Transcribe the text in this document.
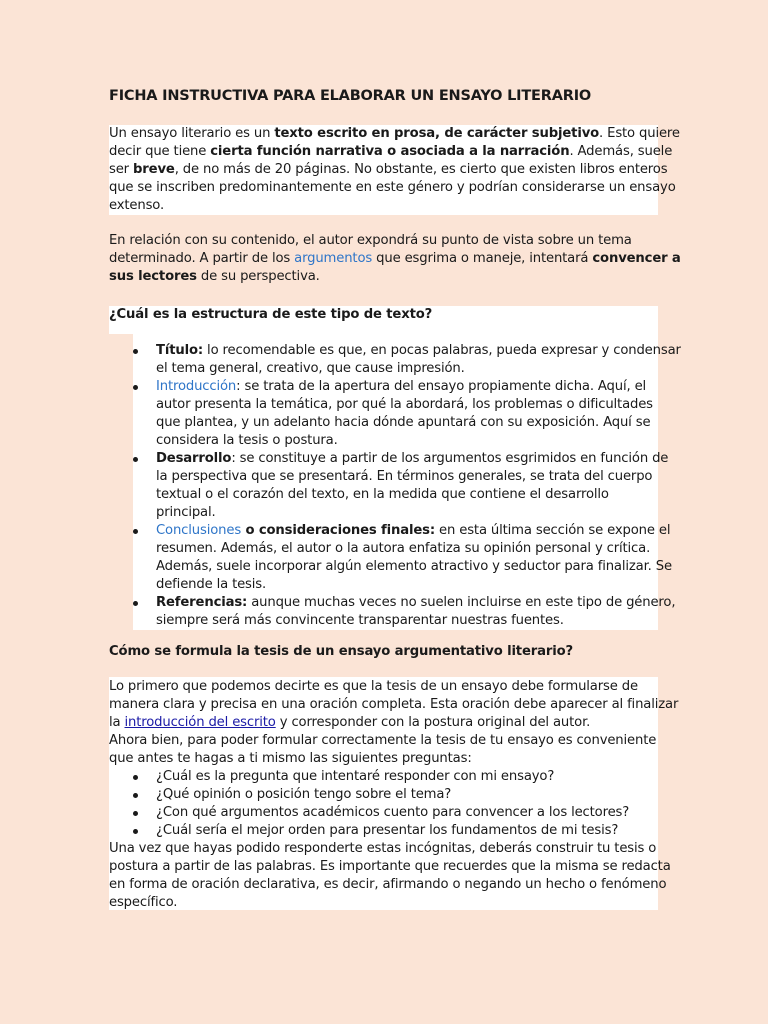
FICHA INSTRUCTIVA PARA ELABORAR UN ENSAYO LITERARIO
Un ensayo literario es un texto escrito en prosa, de carácter subjetivo. Esto quiere
decir que tiene cierta función narrativa o asociada a la narración. Además, suele
ser breve, de no más de 20 páginas. No obstante, es cierto que existen libros enteros
que se inscriben predominantemente en este género y podrían considerarse un ensayo
extenso.
En relación con su contenido, el autor expondrá su punto de vista sobre un tema
determinado. A partir de los argumentos que esgrima o maneje, intentará convencer a
sus lectores de su perspectiva.
¿Cuál es la estructura de este tipo de texto?
Título: lo recomendable es que, en pocas palabras, pueda expresar y condensar
el tema general, creativo, que cause impresión.
Introducción: se trata de la apertura del ensayo propiamente dicha. Aquí, el
autor presenta la temática, por qué la abordará, los problemas o dificultades
que plantea, y un adelanto hacia dónde apuntará con su exposición. Aquí se
considera la tesis o postura.
Desarrollo: se constituye a partir de los argumentos esgrimidos en función de
la perspectiva que se presentará. En términos generales, se trata del cuerpo
textual o el corazón del texto, en la medida que contiene el desarrollo
principal.
Conclusiones o consideraciones finales: en esta última sección se expone el
resumen. Además, el autor o la autora enfatiza su opinión personal y crítica.
Además, suele incorporar algún elemento atractivo y seductor para finalizar. Se
defiende la tesis.
Referencias: aunque muchas veces no suelen incluirse en este tipo de género,
siempre será más convincente transparentar nuestras fuentes.
Cómo se formula la tesis de un ensayo argumentativo literario?
Lo primero que podemos decirte es que la tesis de un ensayo debe formularse de
manera clara y precisa en una oración completa. Esta oración debe aparecer al finalizar
la introducción del escrito y corresponder con la postura original del autor.
Ahora bien, para poder formular correctamente la tesis de tu ensayo es conveniente
que antes te hagas a ti mismo las siguientes preguntas:
¿Cuál es la pregunta que intentaré responder con mi ensayo?
¿Qué opinión o posición tengo sobre el tema?
¿Con qué argumentos académicos cuento para convencer a los lectores?
¿Cuál sería el mejor orden para presentar los fundamentos de mi tesis?
Una vez que hayas podido responderte estas incógnitas, deberás construir tu tesis o
postura a partir de las palabras. Es importante que recuerdes que la misma se redacta
en forma de oración declarativa, es decir, afirmando o negando un hecho o fenómeno
específico.
